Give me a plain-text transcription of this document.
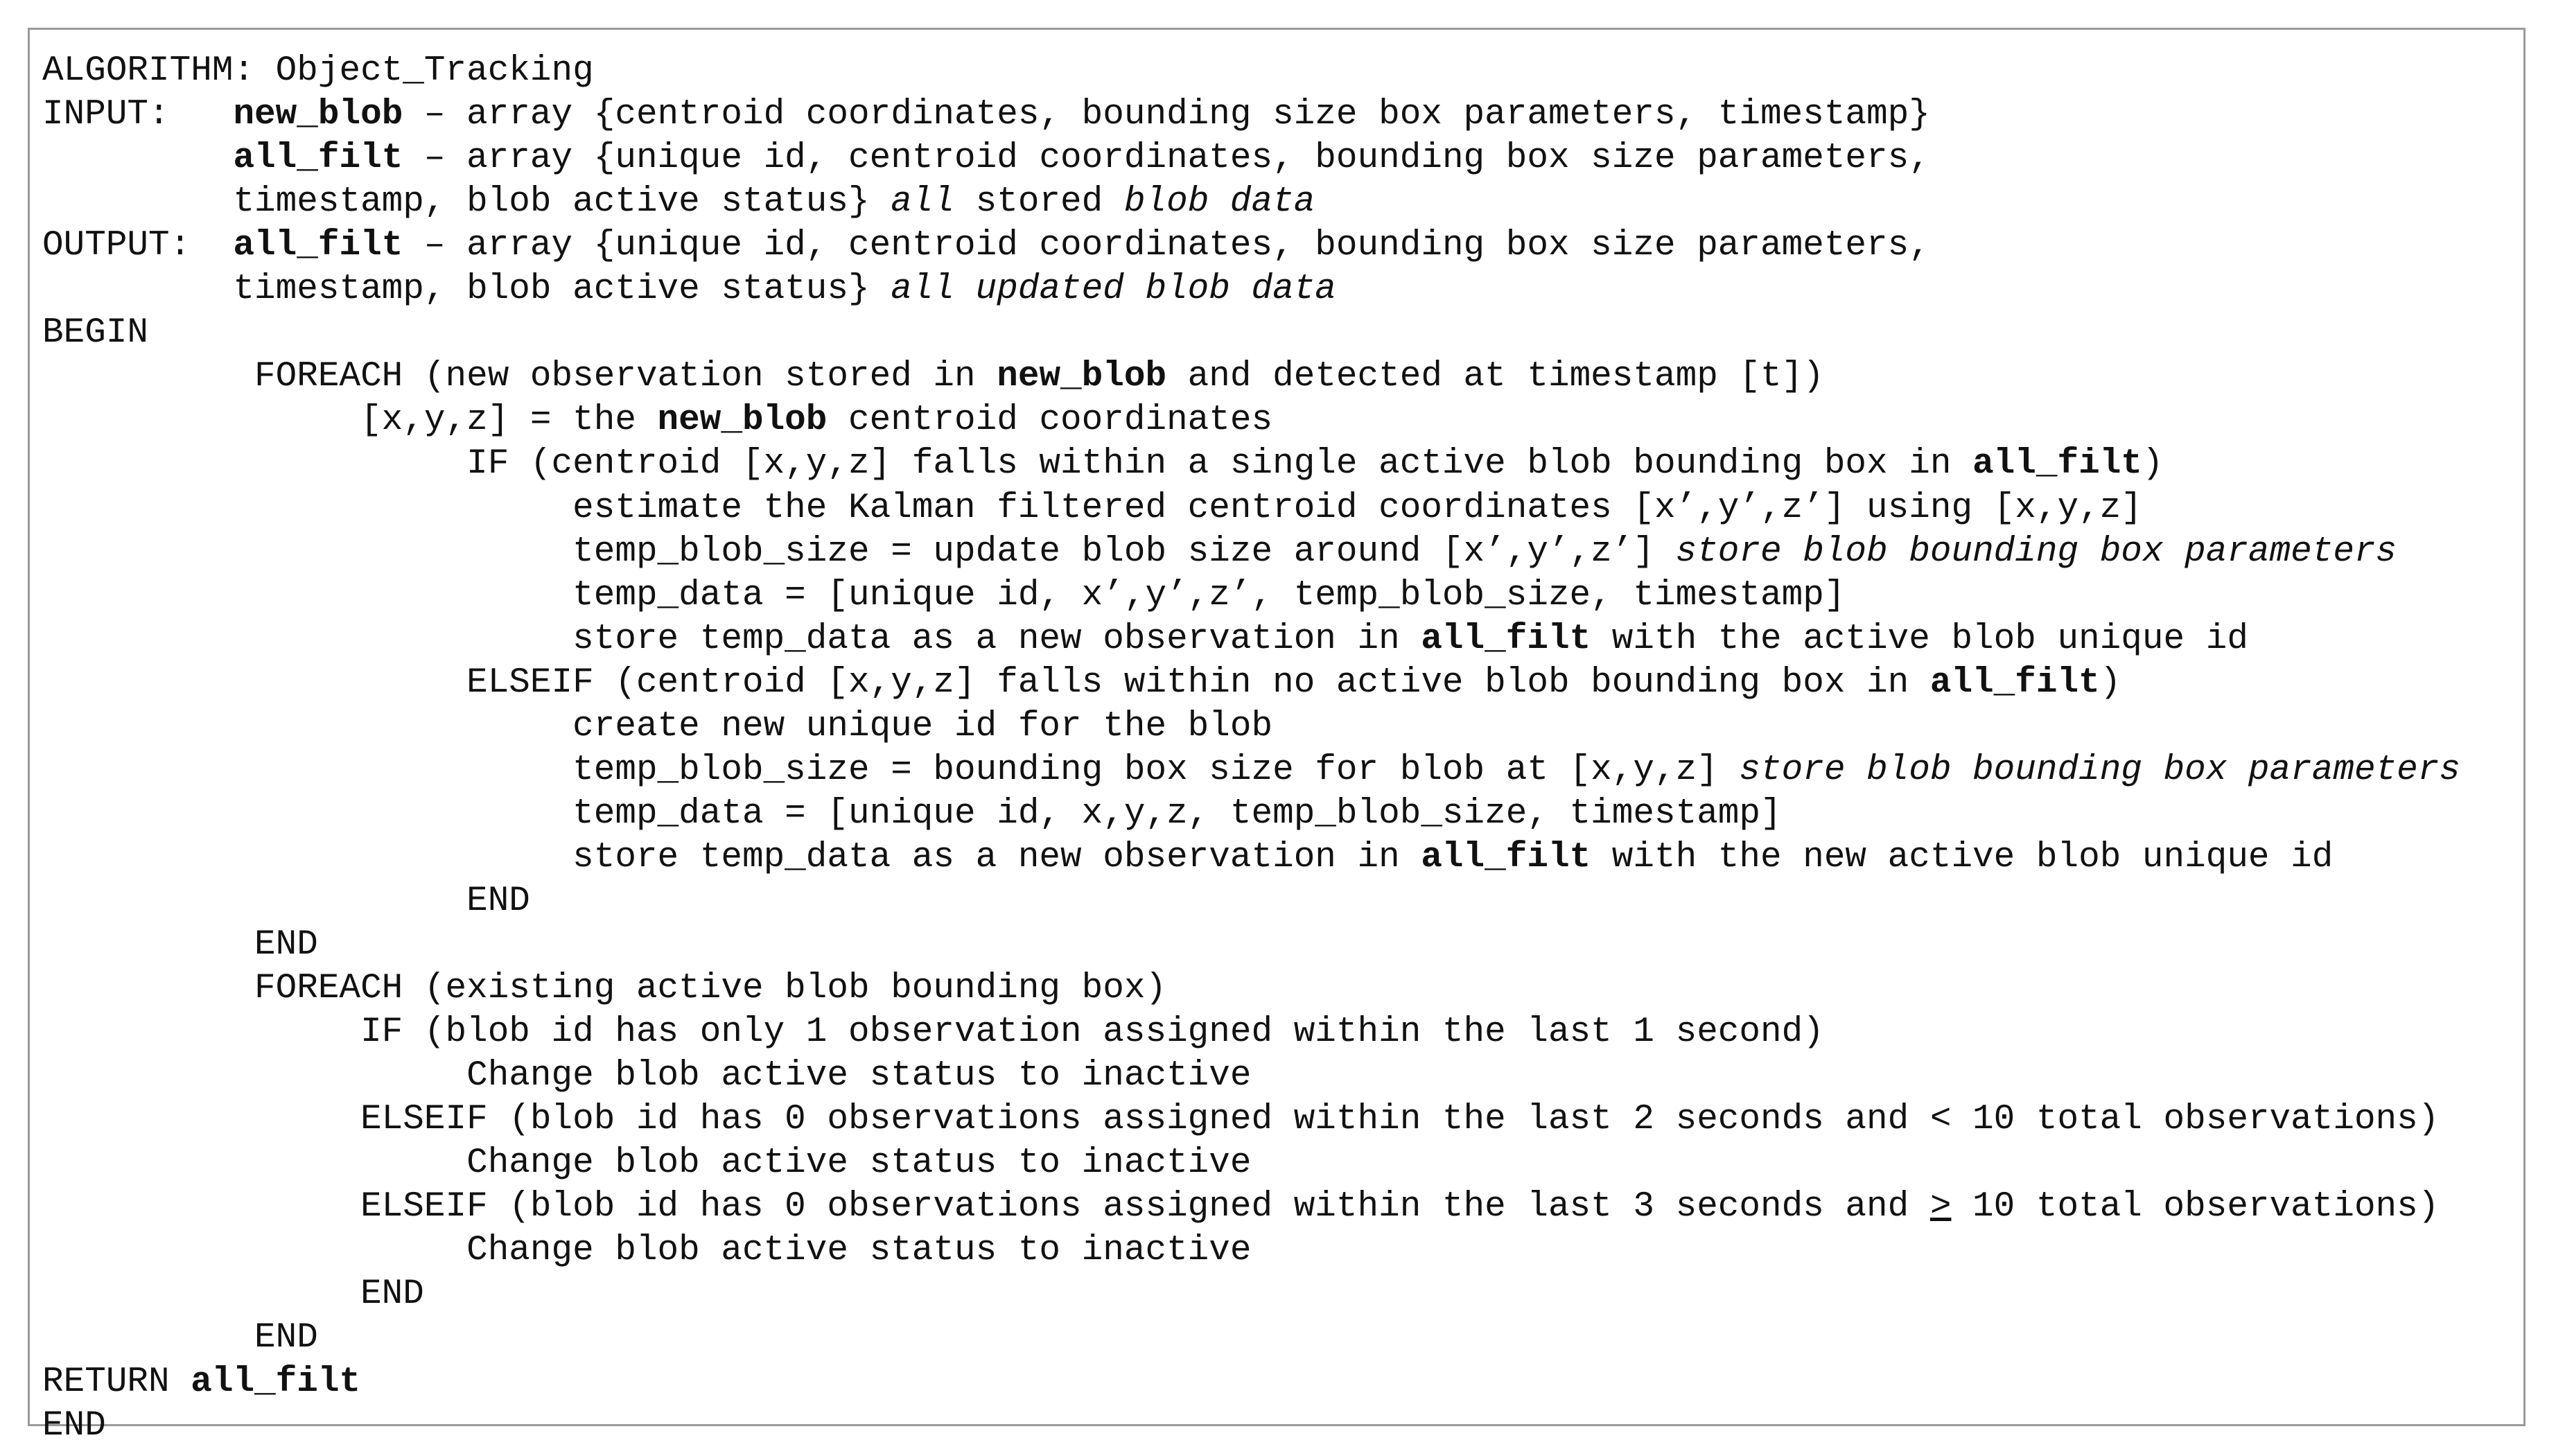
ALGORITHM: Object_Tracking
INPUT:   new_blob – array {centroid coordinates, bounding size box parameters, timestamp}
all_filt – array {unique id, centroid coordinates, bounding box size parameters,
timestamp, blob active status} all stored blob data
OUTPUT:  all_filt – array {unique id, centroid coordinates, bounding box size parameters,
timestamp, blob active status} all updated blob data
BEGIN
FOREACH (new observation stored in new_blob and detected at timestamp [t])
[x,y,z] = the new_blob centroid coordinates
IF (centroid [x,y,z] falls within a single active blob bounding box in all_filt)
estimate the Kalman filtered centroid coordinates [x’,y’,z’] using [x,y,z]
temp_blob_size = update blob size around [x’,y’,z’] store blob bounding box parameters
temp_data = [unique id, x’,y’,z’, temp_blob_size, timestamp]
store temp_data as a new observation in all_filt with the active blob unique id
ELSEIF (centroid [x,y,z] falls within no active blob bounding box in all_filt)
create new unique id for the blob
temp_blob_size = bounding box size for blob at [x,y,z] store blob bounding box parameters
temp_data = [unique id, x,y,z, temp_blob_size, timestamp]
store temp_data as a new observation in all_filt with the new active blob unique id
END
END
FOREACH (existing active blob bounding box)
IF (blob id has only 1 observation assigned within the last 1 second)
Change blob active status to inactive
ELSEIF (blob id has 0 observations assigned within the last 2 seconds and < 10 total observations)
Change blob active status to inactive
ELSEIF (blob id has 0 observations assigned within the last 3 seconds and > 10 total observations)
Change blob active status to inactive
END
END
RETURN all_filt
END
